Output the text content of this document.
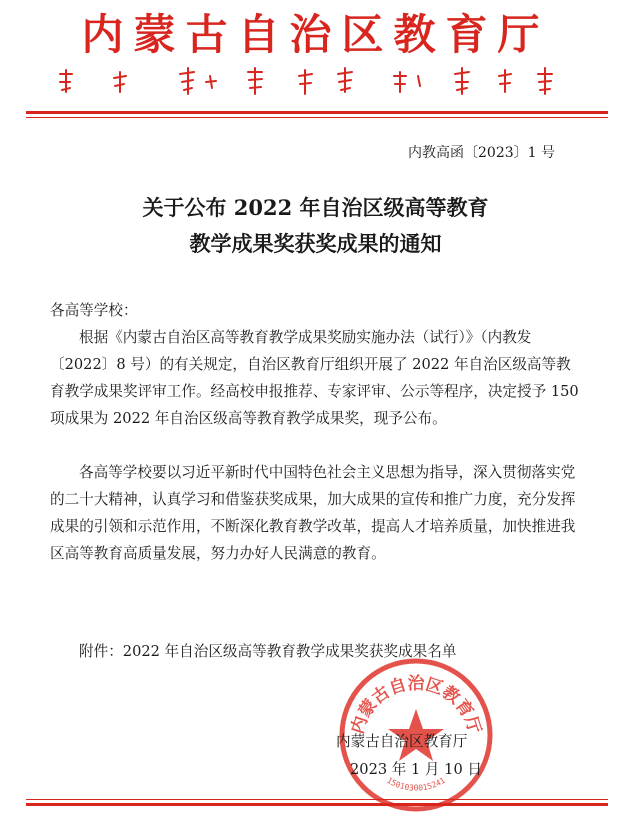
内蒙古自治区教育厅
内教高函〔2023〕1 号
关于公布 2022 年自治区级高等教育
教学成果奖获奖成果的通知
各高等学校：
根据《内蒙古自治区高等教育教学成果奖励实施办法（试行）》（内教发〔2022〕8 号）的有关规定，自治区教育厅组织开展了 2022 年自治区级高等教育教学成果奖评审工作。经高校申报推荐、专家评审、公示等程序，决定授予 150 项成果为 2022 年自治区级高等教育教学成果奖，现予公布。
各高等学校要以习近平新时代中国特色社会主义思想为指导，深入贯彻落实党的二十大精神，认真学习和借鉴获奖成果，加大成果的宣传和推广力度，充分发挥成果的引领和示范作用，不断深化教育教学改革，提高人才培养质量，加快推进我区高等教育高质量发展，努力办好人民满意的教育。
附件：2022 年自治区级高等教育教学成果奖获奖成果名单
内蒙古自治区教育厅
1501030015241
内蒙古自治区教育厅
2023 年 1 月 10 日
